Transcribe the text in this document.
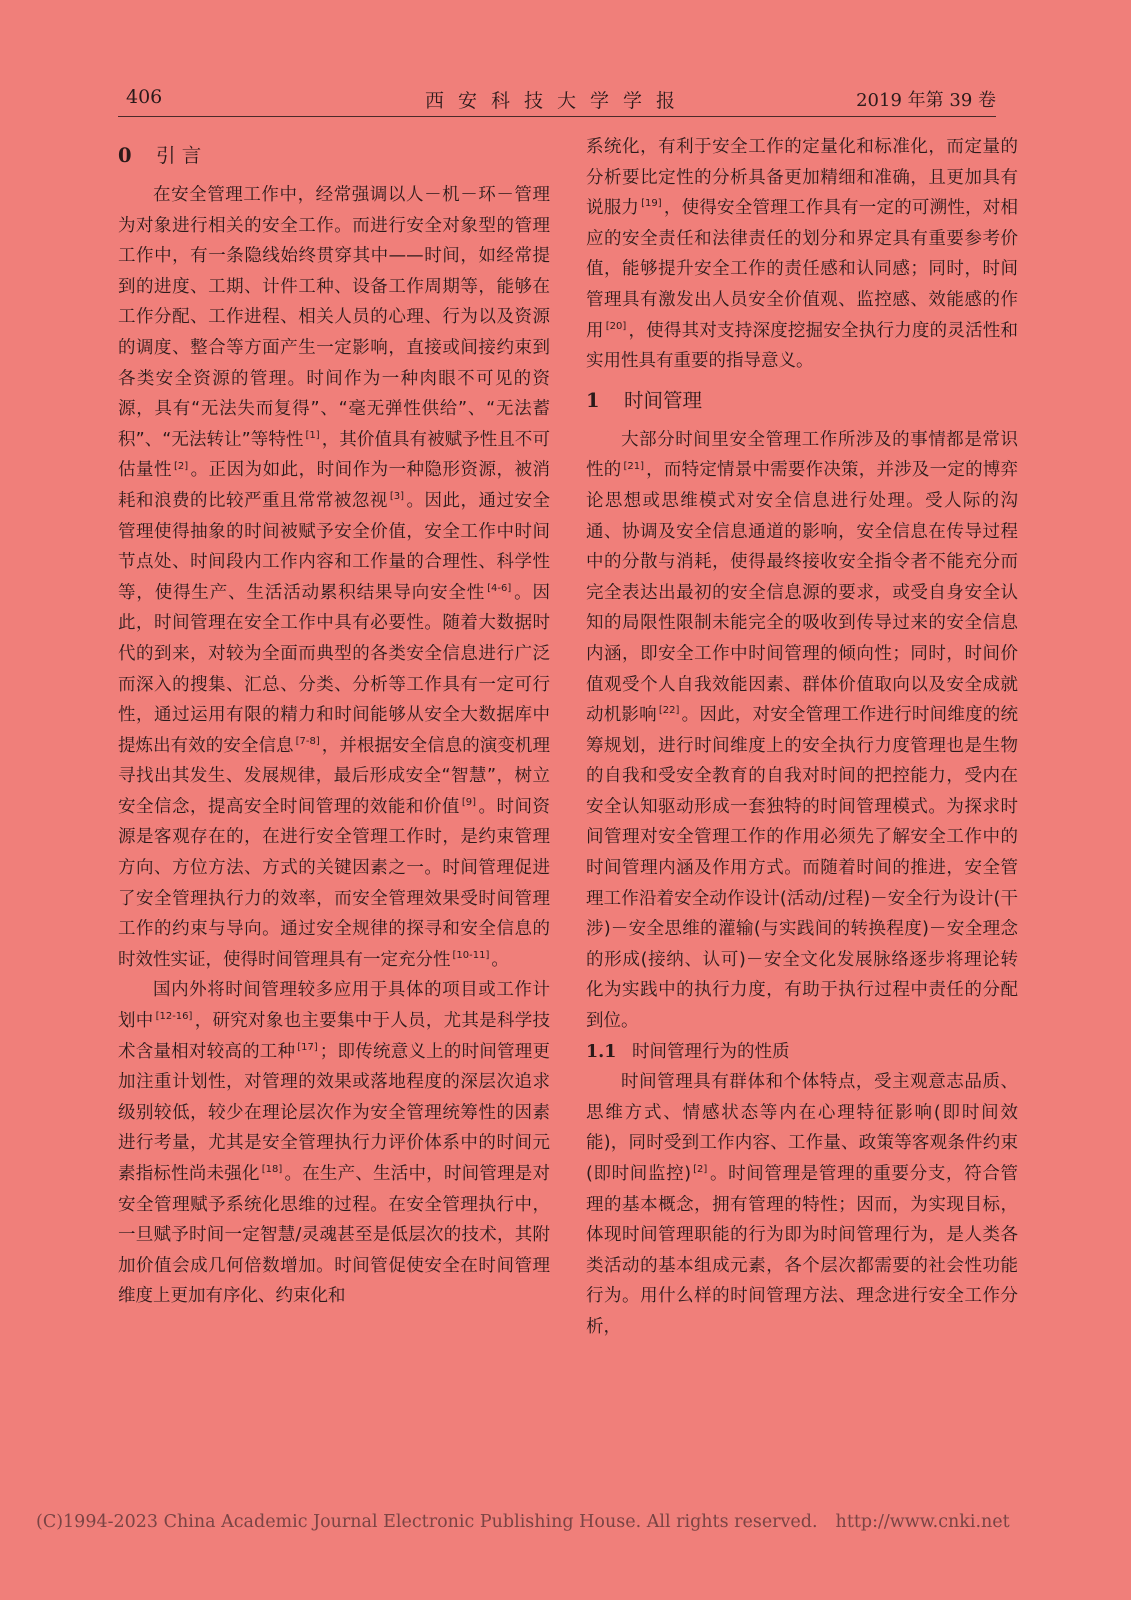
406	西安科技大学学报	2019 年第 39 卷
0 引 言

在安全管理工作中，经常强调以人－机－环－管理为对象进行相关的安全工作。而进行安全对象型的管理工作中，有一条隐线始终贯穿其中——时间，如经常提到的进度、工期、计件工种、设备工作周期等，能够在工作分配、工作进程、相关人员的心理、行为以及资源的调度、整合等方面产生一定影响，直接或间接约束到各类安全资源的管理。时间作为一种肉眼不可见的资源，具有“无法失而复得”、“毫无弹性供给”、“无法蓄积”、“无法转让”等特性 [1] ，其价值具有被赋予性且不可估量性 [2] 。正因为如此，时间作为一种隐形资源，被消耗和浪费的比较严重且常常被忽视 [3] 。因此，通过安全管理使得抽象的时间被赋予安全价值，安全工作中时间节点处、时间段内工作内容和工作量的合理性、科学性等，使得生产、生活活动累积结果导向安全性 [4-6] 。因此，时间管理在安全工作中具有必要性。随着大数据时代的到来，对较为全面而典型的各类安全信息进行广泛而深入的搜集、汇总、分类、分析等工作具有一定可行性，通过运用有限的精力和时间能够从安全大数据库中提炼出有效的安全信息 [7-8] ，并根据安全信息的演变机理寻找出其发生、发展规律，最后形成安全“智慧”，树立安全信念，提高安全时间管理的效能和价值 [9] 。时间资源是客观存在的，在进行安全管理工作时，是约束管理方向、方位方法、方式的关键因素之一。时间管理促进了安全管理执行力的效率，而安全管理效果受时间管理工作的约束与导向。通过安全规律的探寻和安全信息的时效性实证，使得时间管理具有一定充分性 [10-11] 。

国内外将时间管理较多应用于具体的项目或工作计划中 [12-16] ，研究对象也主要集中于人员，尤其是科学技术含量相对较高的工种 [17] ；即传统意义上的时间管理更加注重计划性，对管理的效果或落地程度的深层次追求级别较低，较少在理论层次作为安全管理统筹性的因素进行考量，尤其是安全管理执行力评价体系中的时间元素指标性尚未强化 [18] 。在生产、生活中，时间管理是对安全管理赋予系统化思维的过程。在安全管理执行中，一旦赋予时间一定智慧/灵魂甚至是低层次的技术，其附加价值会成几何倍数增加。时间管促使安全在时间管理维度上更加有序化、约束化和

系统化，有利于安全工作的定量化和标准化，而定量的分析要比定性的分析具备更加精细和准确，且更加具有说服力 [19] ，使得安全管理工作具有一定的可溯性，对相应的安全责任和法律责任的划分和界定具有重要参考价值，能够提升安全工作的责任感和认同感；同时，时间管理具有激发出人员安全价值观、监控感、效能感的作用 [20] ，使得其对支持深度挖掘安全执行力度的灵活性和实用性具有重要的指导意义。

1 时间管理

大部分时间里安全管理工作所涉及的事情都是常识性的 [21] ，而特定情景中需要作决策，并涉及一定的博弈论思想或思维模式对安全信息进行处理。受人际的沟通、协调及安全信息通道的影响，安全信息在传导过程中的分散与消耗，使得最终接收安全指令者不能充分而完全表达出最初的安全信息源的要求，或受自身安全认知的局限性限制未能完全的吸收到传导过来的安全信息内涵，即安全工作中时间管理的倾向性；同时，时间价值观受个人自我效能因素、群体价值取向以及安全成就动机影响 [22] 。因此，对安全管理工作进行时间维度的统筹规划，进行时间维度上的安全执行力度管理也是生物的自我和受安全教育的自我对时间的把控能力，受内在安全认知驱动形成一套独特的时间管理模式。为探求时间管理对安全管理工作的作用必须先了解安全工作中的时间管理内涵及作用方式。而随着时间的推进，安全管理工作沿着安全动作设计(活动/过程)－安全行为设计(干涉)－安全思维的灌输(与实践间的转换程度)－安全理念的形成(接纳、认可)－安全文化发展脉络逐步将理论转化为实践中的执行力度，有助于执行过程中责任的分配到位。

1.1 时间管理行为的性质

时间管理具有群体和个体特点，受主观意志品质、思维方式、情感状态等内在心理特征影响(即时间效能)，同时受到工作内容、工作量、政策等客观条件约束(即时间监控) [2] 。时间管理是管理的重要分支，符合管理的基本概念，拥有管理的特性；因而，为实现目标，体现时间管理职能的行为即为时间管理行为，是人类各类活动的基本组成元素，各个层次都需要的社会性功能行为。用什么样的时间管理方法、理念进行安全工作分析，

(C)1994-2023 China Academic Journal Electronic Publishing House. All rights reserved. http://www.cnki.net
